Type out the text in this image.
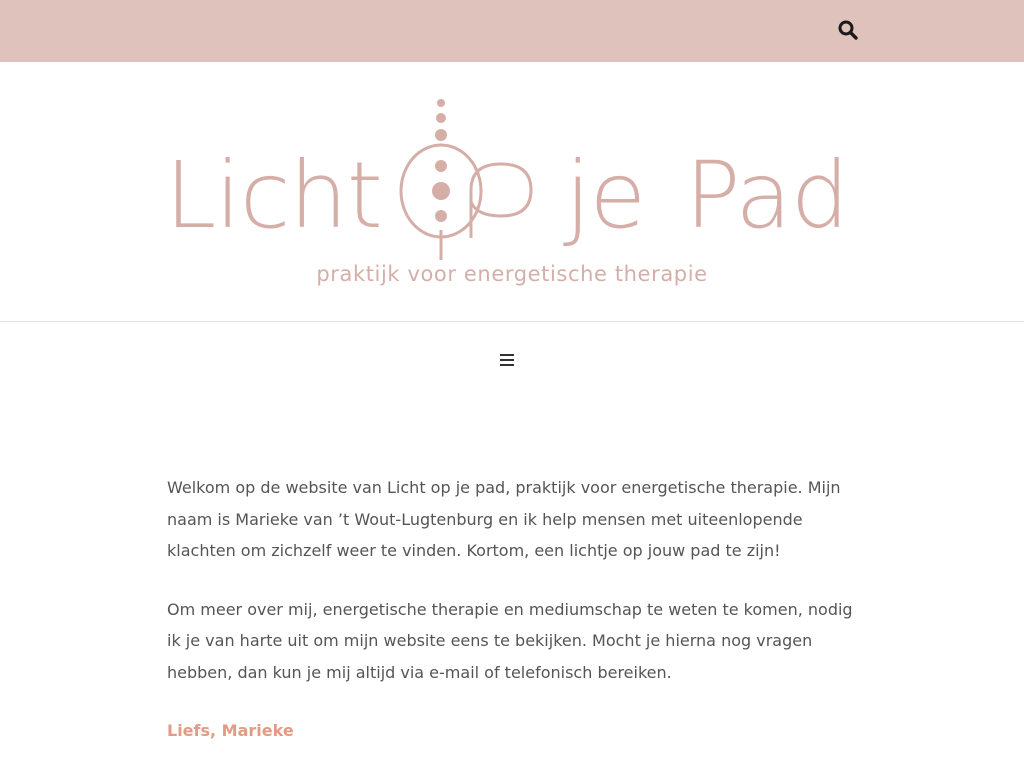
Licht je Pad
praktijk voor energetische therapie

Welkom op de website van Licht op je pad, praktijk voor energetische therapie. Mijn naam is Marieke van ’t Wout-Lugtenburg en ik help mensen met uiteenlopende klachten om zichzelf weer te vinden. Kortom, een lichtje op jouw pad te zijn!

Om meer over mij, energetische therapie en mediumschap te weten te komen, nodig ik je van harte uit om mijn website eens te bekijken. Mocht je hierna nog vragen hebben, dan kun je mij altijd via e-mail of telefonisch bereiken.

Liefs, Marieke
